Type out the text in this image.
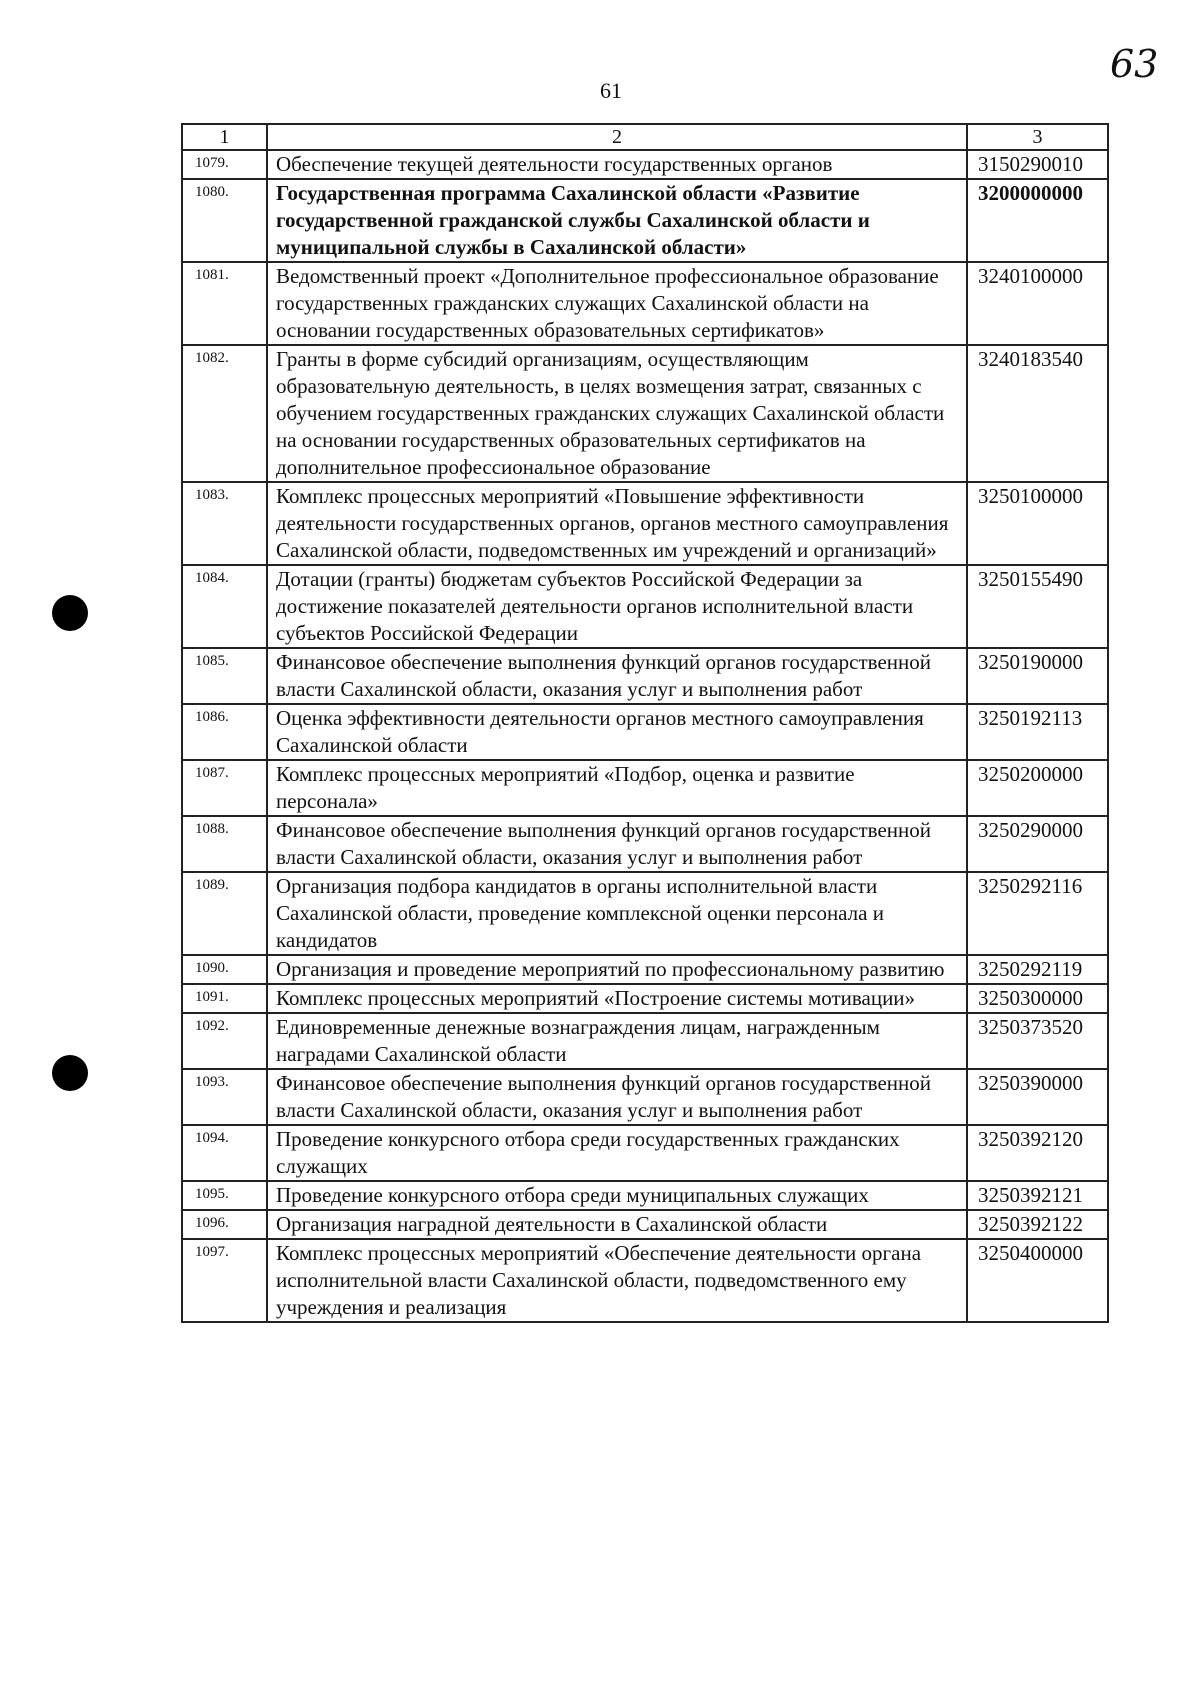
61
63
1	2	3
1079.	Обеспечение текущей деятельности государственных органов	3150290010
1080.	Государственная программа Сахалинской области «Развитие государственной гражданской службы Сахалинской области и муниципальной службы в Сахалинской области»	3200000000
1081.	Ведомственный проект «Дополнительное профессиональное образование государственных гражданских служащих Сахалинской области на основании государственных образовательных сертификатов»	3240100000
1082.	Гранты в форме субсидий организациям, осуществляющим образовательную деятельность, в целях возмещения затрат, связанных с обучением государственных гражданских служащих Сахалинской области на основании государственных образовательных сертификатов на дополнительное профессиональное образование	3240183540
1083.	Комплекс процессных мероприятий «Повышение эффективности деятельности государственных органов, органов местного самоуправления Сахалинской области, подведомственных им учреждений и организаций»	3250100000
1084.	Дотации (гранты) бюджетам субъектов Российской Федерации за достижение показателей деятельности органов исполнительной власти субъектов Российской Федерации	3250155490
1085.	Финансовое обеспечение выполнения функций органов государственной власти Сахалинской области, оказания услуг и выполнения работ	3250190000
1086.	Оценка эффективности деятельности органов местного самоуправления Сахалинской области	3250192113
1087.	Комплекс процессных мероприятий «Подбор, оценка и развитие персонала»	3250200000
1088.	Финансовое обеспечение выполнения функций органов государственной власти Сахалинской области, оказания услуг и выполнения работ	3250290000
1089.	Организация подбора кандидатов в органы исполнительной власти Сахалинской области, проведение комплексной оценки персонала и кандидатов	3250292116
1090.	Организация и проведение мероприятий по профессиональному развитию	3250292119
1091.	Комплекс процессных мероприятий «Построение системы мотивации»	3250300000
1092.	Единовременные денежные вознаграждения лицам, награжденным наградами Сахалинской области	3250373520
1093.	Финансовое обеспечение выполнения функций органов государственной власти Сахалинской области, оказания услуг и выполнения работ	3250390000
1094.	Проведение конкурсного отбора среди государственных гражданских служащих	3250392120
1095.	Проведение конкурсного отбора среди муниципальных служащих	3250392121
1096.	Организация наградной деятельности в Сахалинской области	3250392122
1097.	Комплекс процессных мероприятий «Обеспечение деятельности органа исполнительной власти Сахалинской области, подведомственного ему учреждения и реализация	3250400000
